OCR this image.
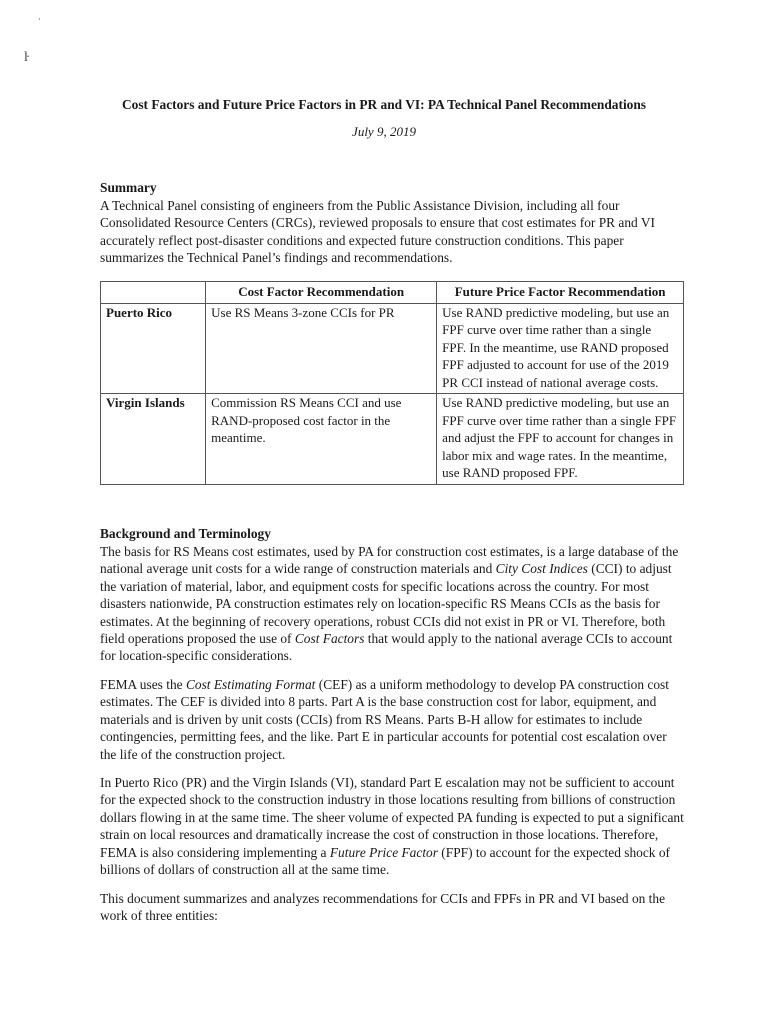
·
ŀ
Cost Factors and Future Price Factors in PR and VI: PA Technical Panel Recommendations
July 9, 2019
Summary
A Technical Panel consisting of engineers from the Public Assistance Division, including all four Consolidated Resource Centers (CRCs), reviewed proposals to ensure that cost estimates for PR and VI accurately reflect post-disaster conditions and expected future construction conditions. This paper summarizes the Technical Panel’s findings and recommendations.
	Cost Factor Recommendation	Future Price Factor Recommendation
Puerto Rico	Use RS Means 3-zone CCIs for PR	Use RAND predictive modeling, but use an FPF curve over time rather than a single FPF. In the meantime, use RAND proposed FPF adjusted to account for use of the 2019 PR CCI instead of national average costs.
Virgin Islands	Commission RS Means CCI and use RAND-proposed cost factor in the meantime.	Use RAND predictive modeling, but use an FPF curve over time rather than a single FPF and adjust the FPF to account for changes in labor mix and wage rates. In the meantime, use RAND proposed FPF.
Background and Terminology
The basis for RS Means cost estimates, used by PA for construction cost estimates, is a large database of the national average unit costs for a wide range of construction materials and City Cost Indices (CCI) to adjust the variation of material, labor, and equipment costs for specific locations across the country. For most disasters nationwide, PA construction estimates rely on location-specific RS Means CCIs as the basis for estimates. At the beginning of recovery operations, robust CCIs did not exist in PR or VI. Therefore, both field operations proposed the use of Cost Factors that would apply to the national average CCIs to account for location-specific considerations.
FEMA uses the Cost Estimating Format (CEF) as a uniform methodology to develop PA construction cost estimates. The CEF is divided into 8 parts. Part A is the base construction cost for labor, equipment, and materials and is driven by unit costs (CCIs) from RS Means. Parts B-H allow for estimates to include contingencies, permitting fees, and the like. Part E in particular accounts for potential cost escalation over the life of the construction project.
In Puerto Rico (PR) and the Virgin Islands (VI), standard Part E escalation may not be sufficient to account for the expected shock to the construction industry in those locations resulting from billions of construction dollars flowing in at the same time. The sheer volume of expected PA funding is expected to put a significant strain on local resources and dramatically increase the cost of construction in those locations. Therefore, FEMA is also considering implementing a Future Price Factor (FPF) to account for the expected shock of billions of dollars of construction all at the same time.
This document summarizes and analyzes recommendations for CCIs and FPFs in PR and VI based on the work of three entities:
